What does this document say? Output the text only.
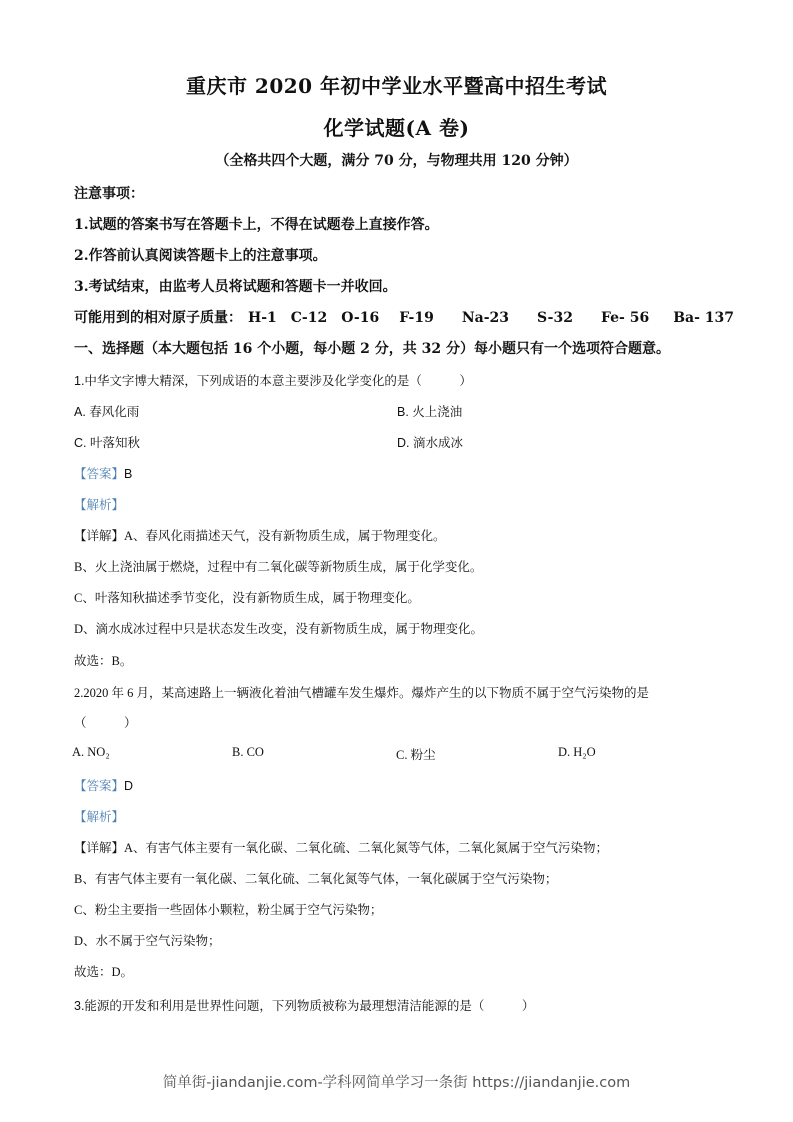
重庆市 2020 年初中学业水平暨高中招生考试
化学试题(A 卷)
（全格共四个大题，满分 70 分，与物理共用 120 分钟）
注意事项：
1.试题的答案书写在答题卡上，不得在试题卷上直接作答。
2.作答前认真阅读答题卡上的注意事项。
3.考试结束，由监考人员将试题和答题卡一并收回。
可能用到的相对原子质量： H-1 C-12 O-16 F-19 Na-23 S-32 Fe- 56 Ba- 137
一、选择题（本大题包括 16 个小题，每小题 2 分，共 32 分）每小题只有一个选项符合题意。
1.中华文字博大精深，下列成语的本意主要涉及化学变化的是（　　　）
A. 春风化雨	B. 火上浇油
C. 叶落知秋	D. 滴水成冰
【答案】B
【解析】
【详解】A、春风化雨描述天气，没有新物质生成，属于物理变化。
B、火上浇油属于燃烧，过程中有二氧化碳等新物质生成，属于化学变化。
C、叶落知秋描述季节变化，没有新物质生成，属于物理变化。
D、滴水成冰过程中只是状态发生改变，没有新物质生成，属于物理变化。
故选：B。
2.2020 年 6 月，某高速路上一辆液化着油气槽罐车发生爆炸。爆炸产生的以下物质不属于空气污染物的是
（　　　）
A. NO₂	B. CO	C. 粉尘	D. H₂O
【答案】D
【解析】
【详解】A、有害气体主要有一氧化碳、二氧化硫、二氧化氮等气体，二氧化氮属于空气污染物；
B、有害气体主要有一氧化碳、二氧化硫、二氧化氮等气体，一氧化碳属于空气污染物；
C、粉尘主要指一些固体小颗粒，粉尘属于空气污染物；
D、水不属于空气污染物；
故选：D。
3.能源的开发和利用是世界性问题，下列物质被称为最理想清洁能源的是（　　　）
简单街-jiandanjie.com-学科网简单学习一条街 https://jiandanjie.com
